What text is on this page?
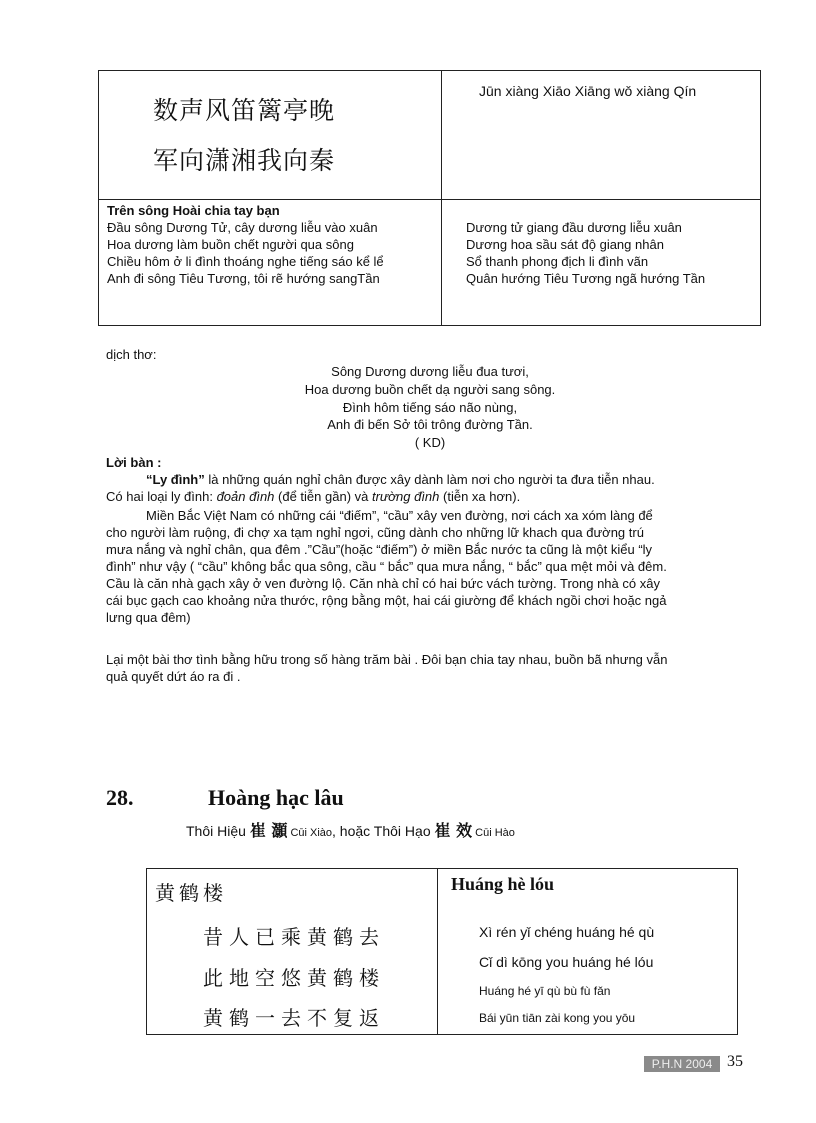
数声风笛篱亭晚
军向潇湘我向秦
Jūn xiàng Xiāo Xiāng wǒ xiàng Qín
Trên sông Hoài chia tay bạn
Đầu sông Dương Tử, cây dương liễu vào xuân
Hoa dương làm buồn chết người qua sông
Chiều hôm ở li đình thoáng nghe tiếng sáo kể lể
Anh đi sông Tiêu Tương, tôi rẽ hướng sangTần
Dương tử giang đầu dương liễu xuân
Dương hoa sầu sát độ giang nhân
Sổ thanh phong địch li đình vãn
Quân hướng Tiêu Tương ngã hướng Tần
dịch thơ:
Sông Dương dương liễu đua tươi,
Hoa dương buồn chết dạ người sang sông.
Đình hôm tiếng sáo não nùng,
Anh đi bến Sở tôi trông đường Tần.
( KD)
Lời bàn :
“Ly đình” là những quán nghỉ chân được xây dành làm nơi cho người ta đưa tiễn nhau.
Có hai loại ly đình: đoản đình (để tiễn gần) và trường đình (tiễn xa hơn).
Miền Bắc Việt Nam có những cái “điếm”, “cầu” xây ven đường, nơi cách xa xóm làng để
cho người làm ruộng, đi chợ xa tạm nghỉ ngơi, cũng dành cho những lữ khach qua đường trú
mưa nắng và nghỉ chân, qua đêm .”Cầu”(hoặc “điếm”) ở miền Bắc nước ta cũng là một kiểu “ly
đình” như vậy ( “cầu” không bắc qua sông, cầu “ bắc” qua mưa nắng, “ bắc” qua mệt mỏi và đêm.
Cầu là căn nhà gạch xây ở ven đường lộ. Căn nhà chỉ có hai bức vách tường. Trong nhà có xây
cái bục gạch cao khoảng nửa thước, rộng bằng một, hai cái giường để khách ngồi chơi hoặc ngả
lưng qua đêm)
Lại một bài thơ tình bằng hữu trong số hàng trăm bài . Đôi bạn chia tay nhau, buồn bã nhưng vẫn
quả quyết dứt áo ra đi .
28.	Hoàng hạc lâu
Thôi Hiệu 崔 灝 Cūi Xiào, hoặc Thôi Hạo 崔 效 Cūi Hào
黄鹤楼	Huáng hè lóu
昔人已乘黄鹤去
此地空悠黄鹤楼
黄鹤一去不复返
Xì rén yǐ chéng huáng hé qù
Cǐ dì kōng you huáng hé lóu
Huáng hé yī qù bù fù fǎn
Bái yūn tiān zài kong you yōu
P.H.N 2004 35
